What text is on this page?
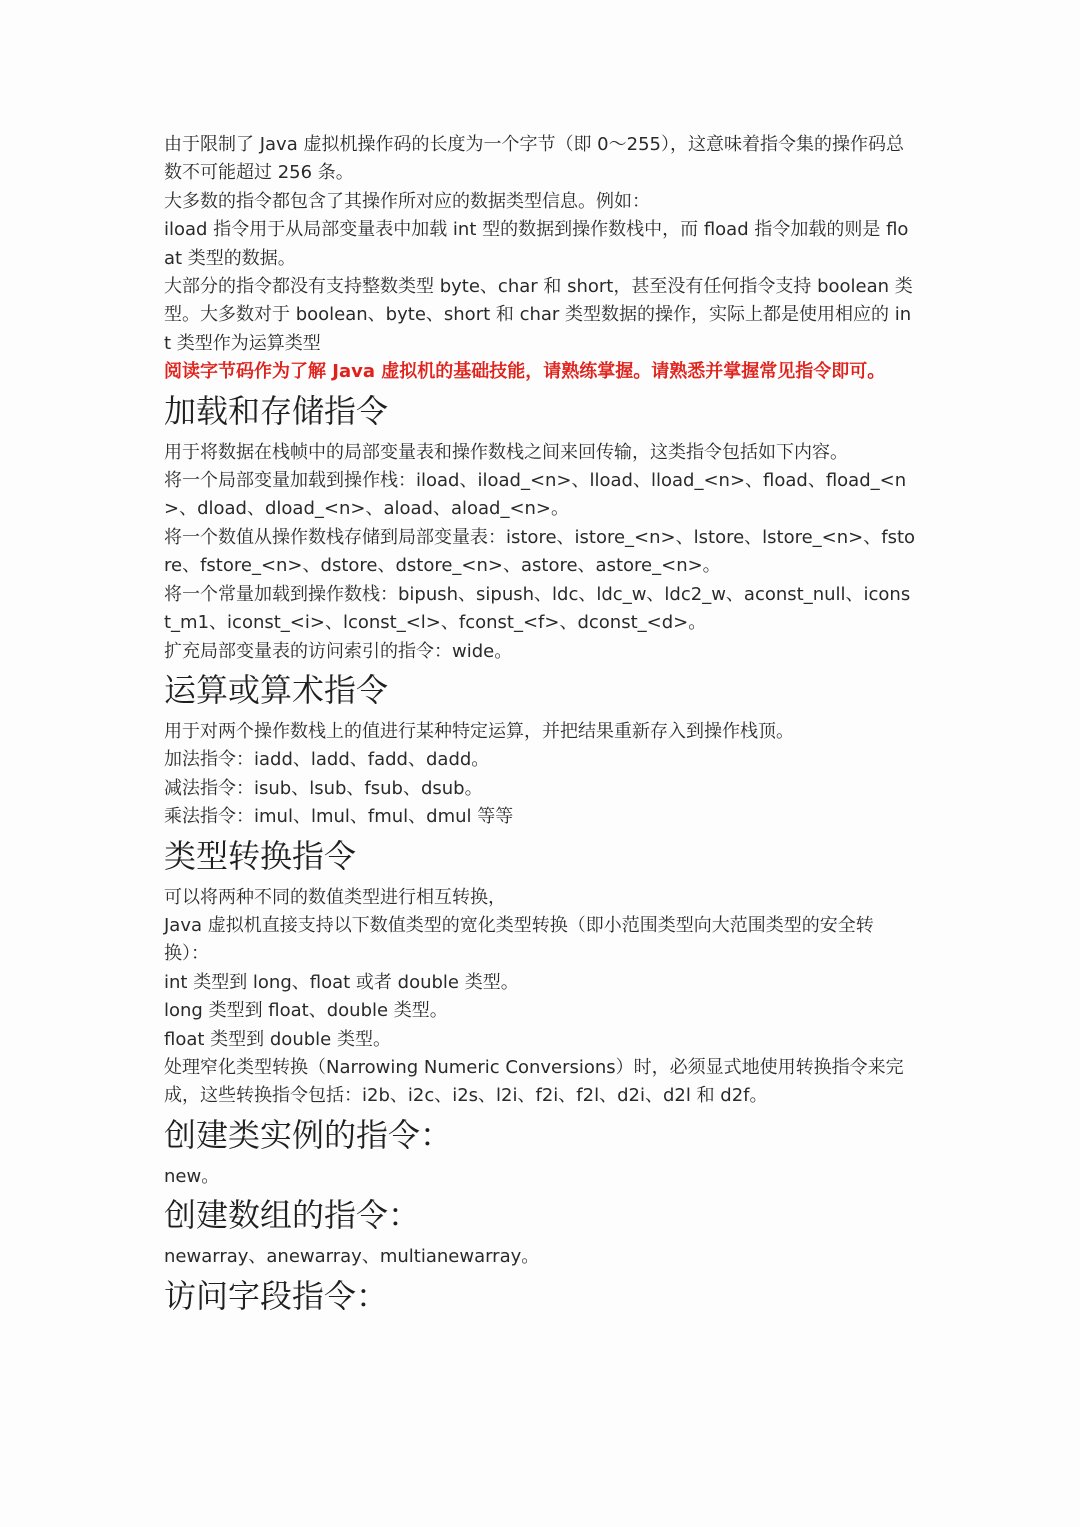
由于限制了 Java 虚拟机操作码的长度为一个字节（即 0～255），这意味着指令集的操作码总数不可能超过 256 条。

大多数的指令都包含了其操作所对应的数据类型信息。例如：

iload 指令用于从局部变量表中加载 int 型的数据到操作数栈中，而 fload 指令加载的则是 float 类型的数据。

大部分的指令都没有支持整数类型 byte、char 和 short，甚至没有任何指令支持 boolean 类型。大多数对于 boolean、byte、short 和 char 类型数据的操作，实际上都是使用相应的 int 类型作为运算类型

阅读字节码作为了解 Java 虚拟机的基础技能，请熟练掌握。请熟悉并掌握常见指令即可。

加载和存储指令

用于将数据在栈帧中的局部变量表和操作数栈之间来回传输，这类指令包括如下内容。

将一个局部变量加载到操作栈：iload、iload_<n>、lload、lload_<n>、fload、fload_<n>、dload、dload_<n>、aload、aload_<n>。

将一个数值从操作数栈存储到局部变量表：istore、istore_<n>、lstore、lstore_<n>、fstore、fstore_<n>、dstore、dstore_<n>、astore、astore_<n>。

将一个常量加载到操作数栈：bipush、sipush、ldc、ldc_w、ldc2_w、aconst_null、iconst_m1、iconst_<i>、lconst_<l>、fconst_<f>、dconst_<d>。

扩充局部变量表的访问索引的指令：wide。

运算或算术指令

用于对两个操作数栈上的值进行某种特定运算，并把结果重新存入到操作栈顶。

加法指令：iadd、ladd、fadd、dadd。

减法指令：isub、lsub、fsub、dsub。

乘法指令：imul、lmul、fmul、dmul 等等

类型转换指令

可以将两种不同的数值类型进行相互转换，

Java 虚拟机直接支持以下数值类型的宽化类型转换（即小范围类型向大范围类型的安全转换）：

int 类型到 long、float 或者 double 类型。

long 类型到 float、double 类型。

float 类型到 double 类型。

处理窄化类型转换（Narrowing Numeric Conversions）时，必须显式地使用转换指令来完成，这些转换指令包括：i2b、i2c、i2s、l2i、f2i、f2l、d2i、d2l 和 d2f。

创建类实例的指令：

new。

创建数组的指令：

newarray、anewarray、multianewarray。

访问字段指令：
